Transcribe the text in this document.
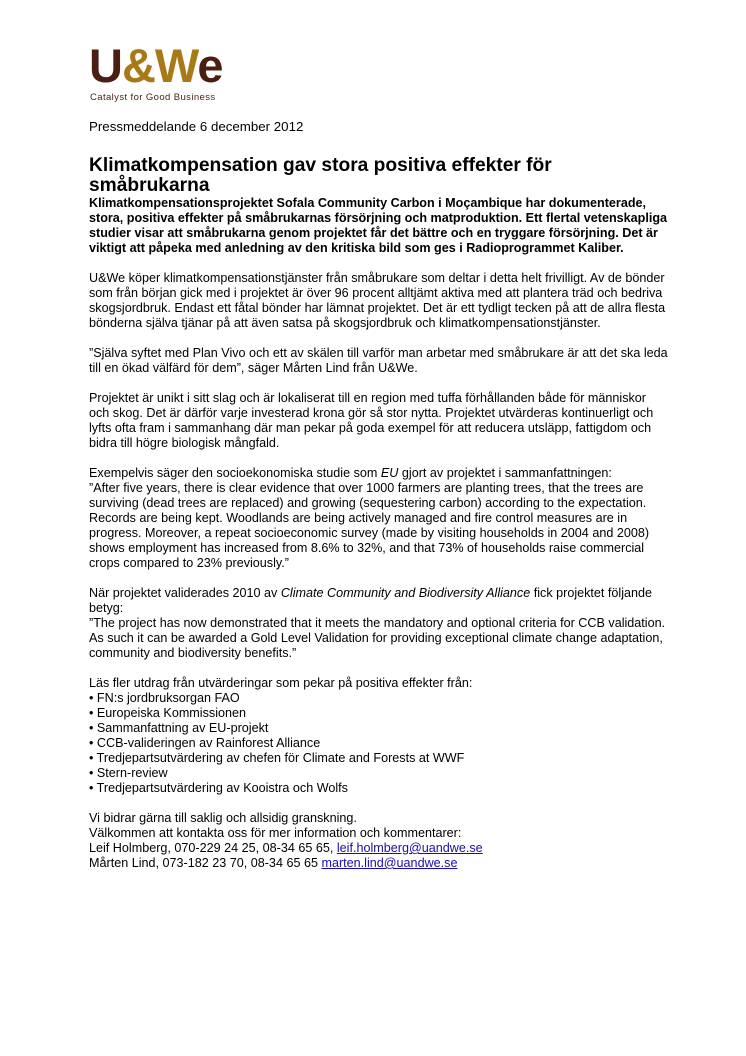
U&We
Catalyst for Good Business

Pressmeddelande 6 december 2012

Klimatkompensation gav stora positiva effekter för småbrukarna

Klimatkompensationsprojektet Sofala Community Carbon i Moçambique har dokumenterade, stora, positiva effekter på småbrukarnas försörjning och matproduktion. Ett flertal vetenskapliga studier visar att småbrukarna genom projektet får det bättre och en tryggare försörjning. Det är viktigt att påpeka med anledning av den kritiska bild som ges i Radioprogrammet Kaliber.

U&We köper klimatkompensationstjänster från småbrukare som deltar i detta helt frivilligt. Av de bönder som från början gick med i projektet är över 96 procent alltjämt aktiva med att plantera träd och bedriva skogsjordbruk. Endast ett fåtal bönder har lämnat projektet. Det är ett tydligt tecken på att de allra flesta bönderna själva tjänar på att även satsa på skogsjordbruk och klimatkompensationstjänster.

”Själva syftet med Plan Vivo och ett av skälen till varför man arbetar med småbrukare är att det ska leda till en ökad välfärd för dem”, säger Mårten Lind från U&We.

Projektet är unikt i sitt slag och är lokaliserat till en region med tuffa förhållanden både för människor och skog. Det är därför varje investerad krona gör så stor nytta. Projektet utvärderas kontinuerligt och lyfts ofta fram i sammanhang där man pekar på goda exempel för att reducera utsläpp, fattigdom och bidra till högre biologisk mångfald.

Exempelvis säger den socioekonomiska studie som EU gjort av projektet i sammanfattningen:
”After five years, there is clear evidence that over 1000 farmers are planting trees, that the trees are surviving (dead trees are replaced) and growing (sequestering carbon) according to the expectation. Records are being kept. Woodlands are being actively managed and fire control measures are in progress. Moreover, a repeat socioeconomic survey (made by visiting households in 2004 and 2008) shows employment has increased from 8.6% to 32%, and that 73% of households raise commercial crops compared to 23% previously.”

När projektet validerades 2010 av Climate Community and Biodiversity Alliance fick projektet följande betyg:
”The project has now demonstrated that it meets the mandatory and optional criteria for CCB validation. As such it can be awarded a Gold Level Validation for providing exceptional climate change adaptation, community and biodiversity benefits.”

Läs fler utdrag från utvärderingar som pekar på positiva effekter från:
• FN:s jordbruksorgan FAO
• Europeiska Kommissionen
• Sammanfattning av EU-projekt
• CCB-valideringen av Rainforest Alliance
• Tredjepartsutvärdering av chefen för Climate and Forests at WWF
• Stern-review
• Tredjepartsutvärdering av Kooistra och Wolfs
Vi bidrar gärna till saklig och allsidig granskning.
Välkommen att kontakta oss för mer information och kommentarer:
Leif Holmberg, 070-229 24 25, 08-34 65 65, leif.holmberg@uandwe.se
Mårten Lind, 073-182 23 70, 08-34 65 65 marten.lind@uandwe.se
